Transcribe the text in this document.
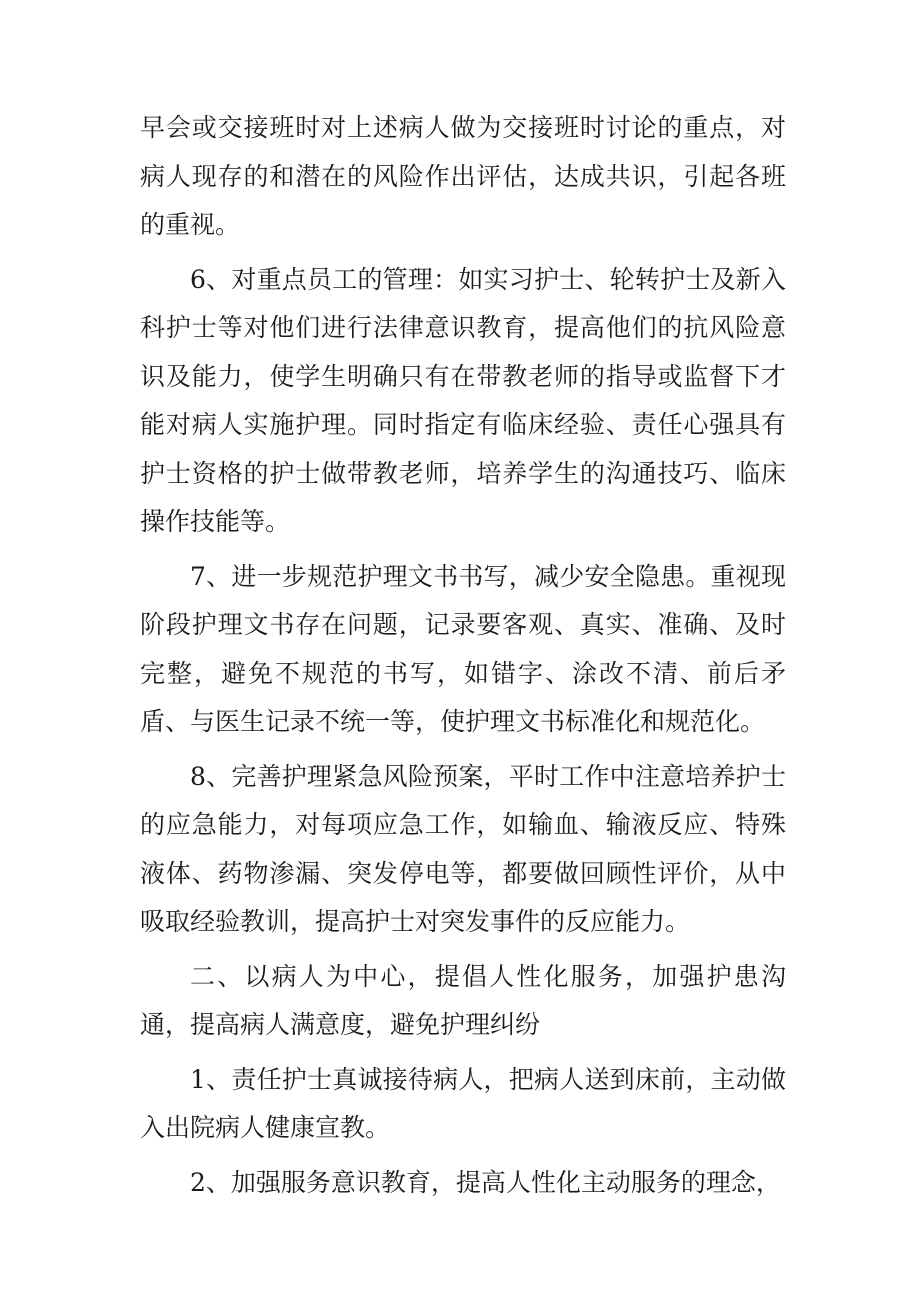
早会或交接班时对上述病人做为交接班时讨论的重点，对病人现存的和潜在的风险作出评估，达成共识，引起各班的重视。

6、对重点员工的管理：如实习护士、轮转护士及新入科护士等对他们进行法律意识教育，提高他们的抗风险意识及能力，使学生明确只有在带教老师的指导或监督下才能对病人实施护理。同时指定有临床经验、责任心强具有护士资格的护士做带教老师，培养学生的沟通技巧、临床操作技能等。

7、进一步规范护理文书书写，减少安全隐患。重视现阶段护理文书存在问题，记录要客观、真实、准确、及时完整，避免不规范的书写，如错字、涂改不清、前后矛盾、与医生记录不统一等，使护理文书标准化和规范化。

8、完善护理紧急风险预案，平时工作中注意培养护士的应急能力，对每项应急工作，如输血、输液反应、特殊液体、药物渗漏、突发停电等，都要做回顾性评价，从中吸取经验教训，提高护士对突发事件的反应能力。

二、以病人为中心，提倡人性化服务，加强护患沟通，提高病人满意度，避免护理纠纷

1、责任护士真诚接待病人，把病人送到床前，主动做入出院病人健康宣教。

2、加强服务意识教育，提高人性化主动服务的理念，
